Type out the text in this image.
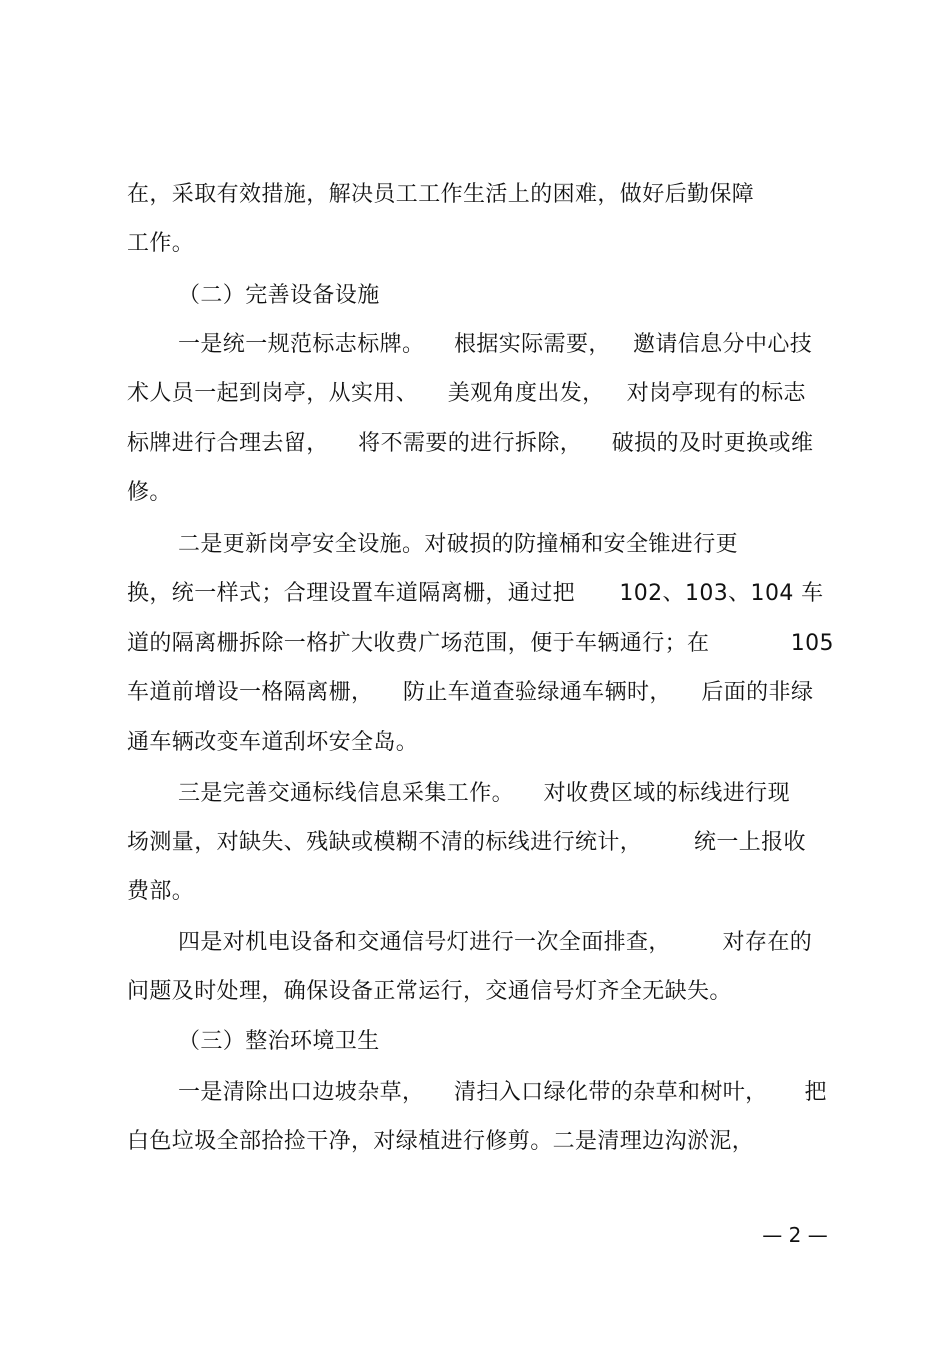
在，采取有效措施，解决员工工作生活上的困难，做好后勤保障
工作。
（二）完善设备设施
一是统一规范标志标牌。    根据实际需要，   邀请信息分中心技
术人员一起到岗亭，从实用、    美观角度出发，   对岗亭现有的标志
标牌进行合理去留，    将不需要的进行拆除，    破损的及时更换或维
修。
二是更新岗亭安全设施。对破损的防撞桶和安全锥进行更
换，统一样式；合理设置车道隔离栅，通过把      102、103、104 车
道的隔离栅拆除一格扩大收费广场范围，便于车辆通行；在           105
车道前增设一格隔离栅，    防止车道查验绿通车辆时，    后面的非绿
通车辆改变车道刮坏安全岛。
三是完善交通标线信息采集工作。    对收费区域的标线进行现
场测量，对缺失、残缺或模糊不清的标线进行统计，       统一上报收
费部。
四是对机电设备和交通信号灯进行一次全面排查，       对存在的
问题及时处理，确保设备正常运行，交通信号灯齐全无缺失。
（三）整治环境卫生
一是清除出口边坡杂草，    清扫入口绿化带的杂草和树叶，     把
白色垃圾全部拾捡干净，对绿植进行修剪。二是清理边沟淤泥，
— 2 —
